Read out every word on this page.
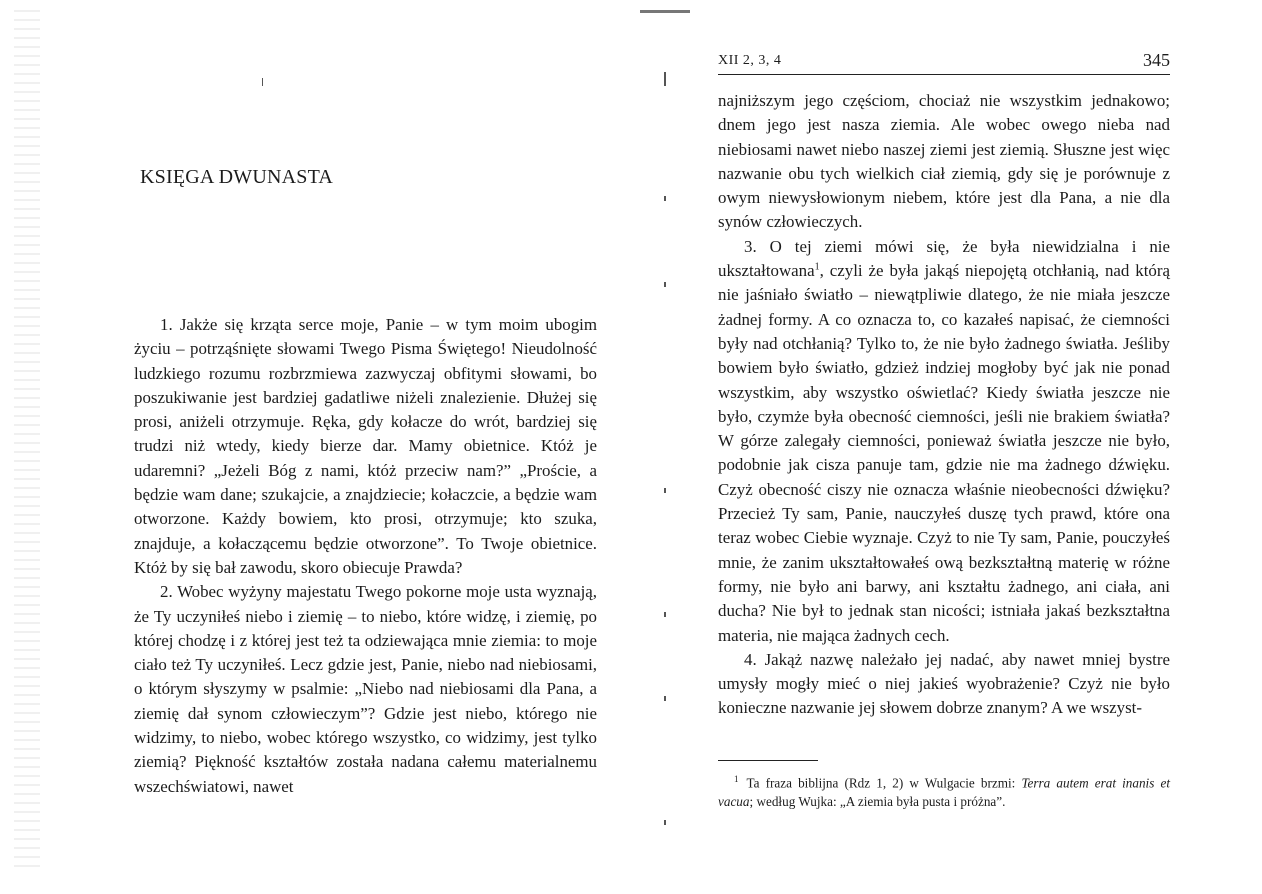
KSIĘGA DWUNASTA

1. Jakże się krząta serce moje, Panie – w tym moim ubogim życiu – potrząśnięte słowami Twego Pisma Świętego! Nieudolność ludzkiego rozumu rozbrzmiewa zazwyczaj obfitymi słowami, bo poszukiwanie jest bardziej gadatliwe niżeli znalezienie. Dłużej się prosi, aniżeli otrzymuje. Ręka, gdy kołacze do wrót, bardziej się trudzi niż wtedy, kiedy bierze dar. Mamy obietnice. Któż je udaremni? „Jeżeli Bóg z nami, któż przeciw nam?” „Proście, a będzie wam dane; szukajcie, a znajdziecie; kołaczcie, a będzie wam otworzone. Każdy bowiem, kto prosi, otrzymuje; kto szuka, znajduje, a kołaczącemu będzie otworzone”. To Twoje obietnice. Któż by się bał zawodu, skoro obiecuje Prawda?

2. Wobec wyżyny majestatu Twego pokorne moje usta wyznają, że Ty uczyniłeś niebo i ziemię – to niebo, które widzę, i ziemię, po której chodzę i z której jest też ta odziewająca mnie ziemia: to moje ciało też Ty uczyniłeś. Lecz gdzie jest, Panie, niebo nad niebiosami, o którym słyszymy w psalmie: „Niebo nad niebiosami dla Pana, a ziemię dał synom człowieczym”? Gdzie jest niebo, którego nie widzimy, to niebo, wobec którego wszystko, co widzimy, jest tylko ziemią? Piękność kształtów została nadana całemu materialnemu wszechświatowi, nawet

XII 2, 3, 4	345

najniższym jego częściom, chociaż nie wszystkim jednakowo; dnem jego jest nasza ziemia. Ale wobec owego nieba nad niebiosami nawet niebo naszej ziemi jest ziemią. Słuszne jest więc nazwanie obu tych wielkich ciał ziemią, gdy się je porównuje z owym niewysłowionym niebem, które jest dla Pana, a nie dla synów człowieczych.

3. O tej ziemi mówi się, że była niewidzialna i nie ukształtowana$^1$, czyli że była jakąś niepojętą otchłanią, nad którą nie jaśniało światło – niewątpliwie dlatego, że nie miała jeszcze żadnej formy. A co oznacza to, co kazałeś napisać, że ciemności były nad otchłanią? Tylko to, że nie było żadnego światła. Jeśliby bowiem było światło, gdzież indziej mogłoby być jak nie ponad wszystkim, aby wszystko oświetlać? Kiedy światła jeszcze nie było, czymże była obecność ciemności, jeśli nie brakiem światła? W górze zalegały ciemności, ponieważ światła jeszcze nie było, podobnie jak cisza panuje tam, gdzie nie ma żadnego dźwięku. Czyż obecność ciszy nie oznacza właśnie nieobecności dźwięku? Przecież Ty sam, Panie, nauczyłeś duszę tych prawd, które ona teraz wobec Ciebie wyznaje. Czyż to nie Ty sam, Panie, pouczyłeś mnie, że zanim ukształtowałeś ową bezkształtną materię w różne formy, nie było ani barwy, ani kształtu żadnego, ani ciała, ani ducha? Nie był to jednak stan nicości; istniała jakaś bezkształtna materia, nie mająca żadnych cech.

4. Jakąż nazwę należało jej nadać, aby nawet mniej bystre umysły mogły mieć o niej jakieś wyobrażenie? Czyż nie było konieczne nazwanie jej słowem dobrze znanym? A we wszyst-

$^1$ Ta fraza biblijna (Rdz 1, 2) w Wulgacie brzmi: Terra autem erat inanis et vacua; według Wujka: „A ziemia była pusta i próżna”.
